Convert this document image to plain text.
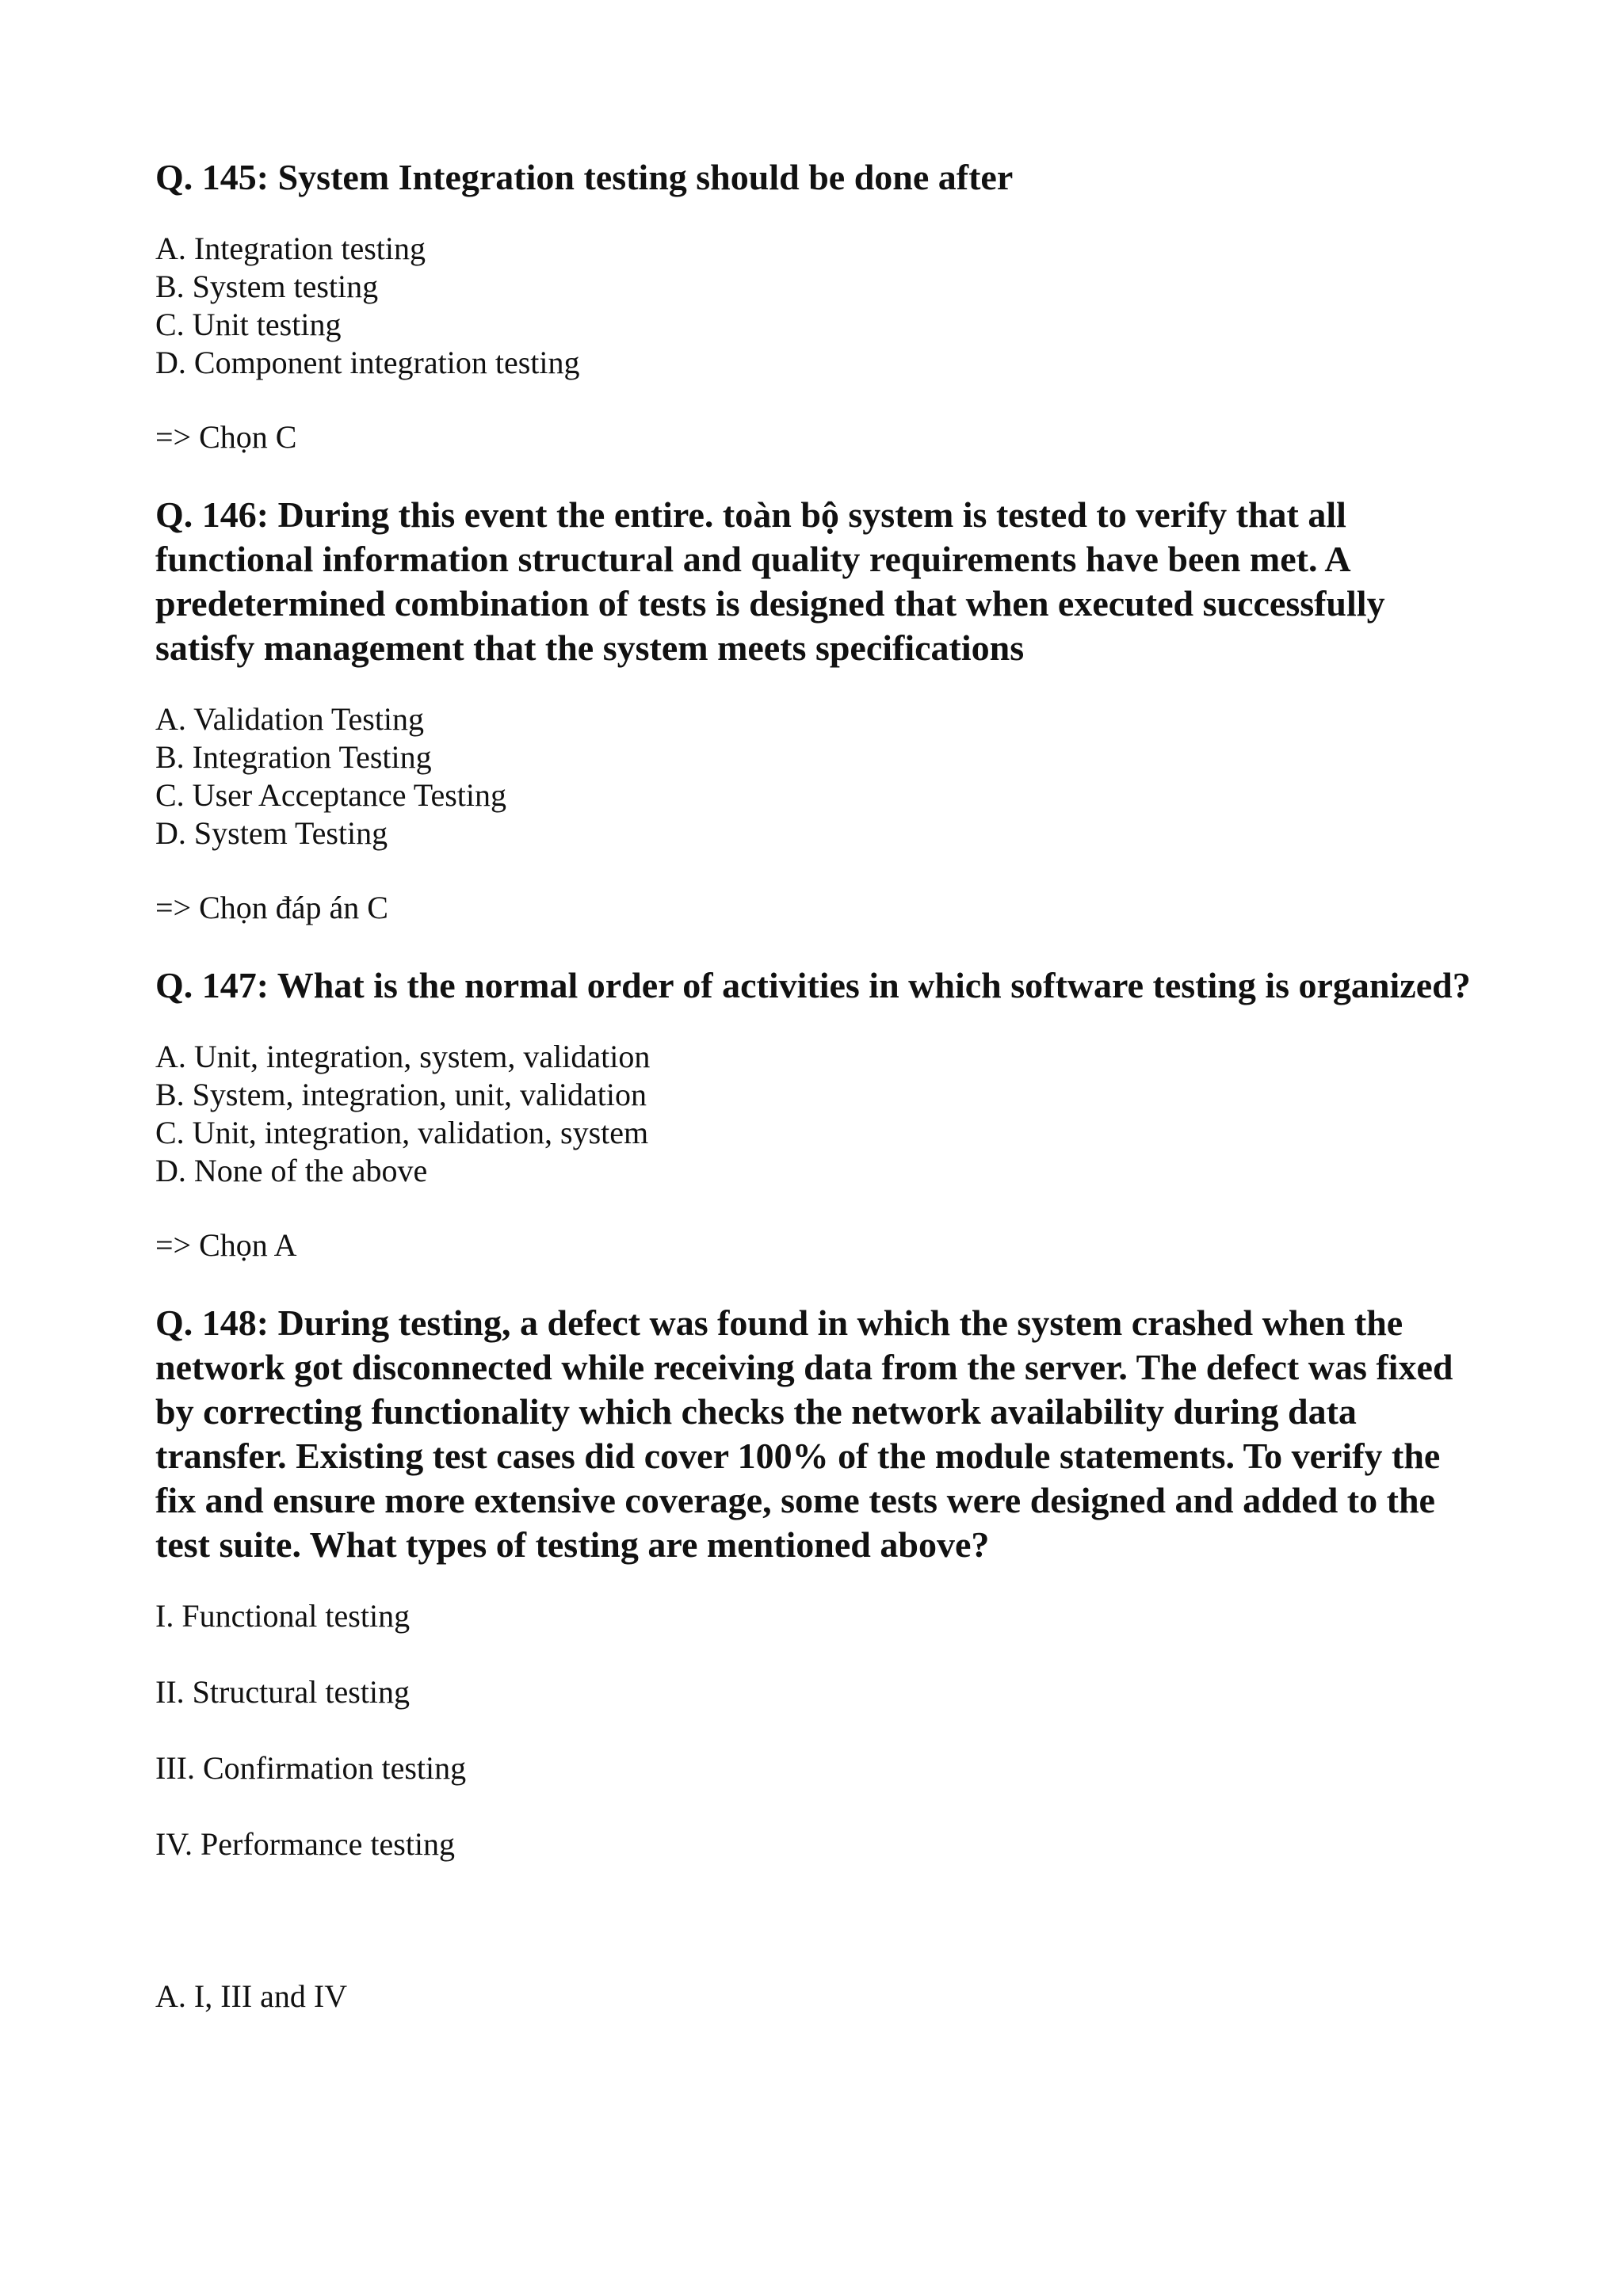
Q. 145: System Integration testing should be done after

A. Integration testing
B. System testing
C. Unit testing
D. Component integration testing

=> Chọn C

Q. 146: During this event the entire. toàn bộ system is tested to verify that all functional information structural and quality requirements have been met. A predetermined combination of tests is designed that when executed successfully satisfy management that the system meets specifications

A. Validation Testing
B. Integration Testing
C. User Acceptance Testing
D. System Testing

=> Chọn đáp án C

Q. 147: What is the normal order of activities in which software testing is organized?

A. Unit, integration, system, validation
B. System, integration, unit, validation
C. Unit, integration, validation, system
D. None of the above

=> Chọn A

Q. 148: During testing, a defect was found in which the system crashed when the network got disconnected while receiving data from the server. The defect was fixed by correcting functionality which checks the network availability during data transfer. Existing test cases did cover 100% of the module statements. To verify the fix and ensure more extensive coverage, some tests were designed and added to the test suite. What types of testing are mentioned above?

I. Functional testing
II. Structural testing
III. Confirmation testing
IV. Performance testing
A. I, III and IV
